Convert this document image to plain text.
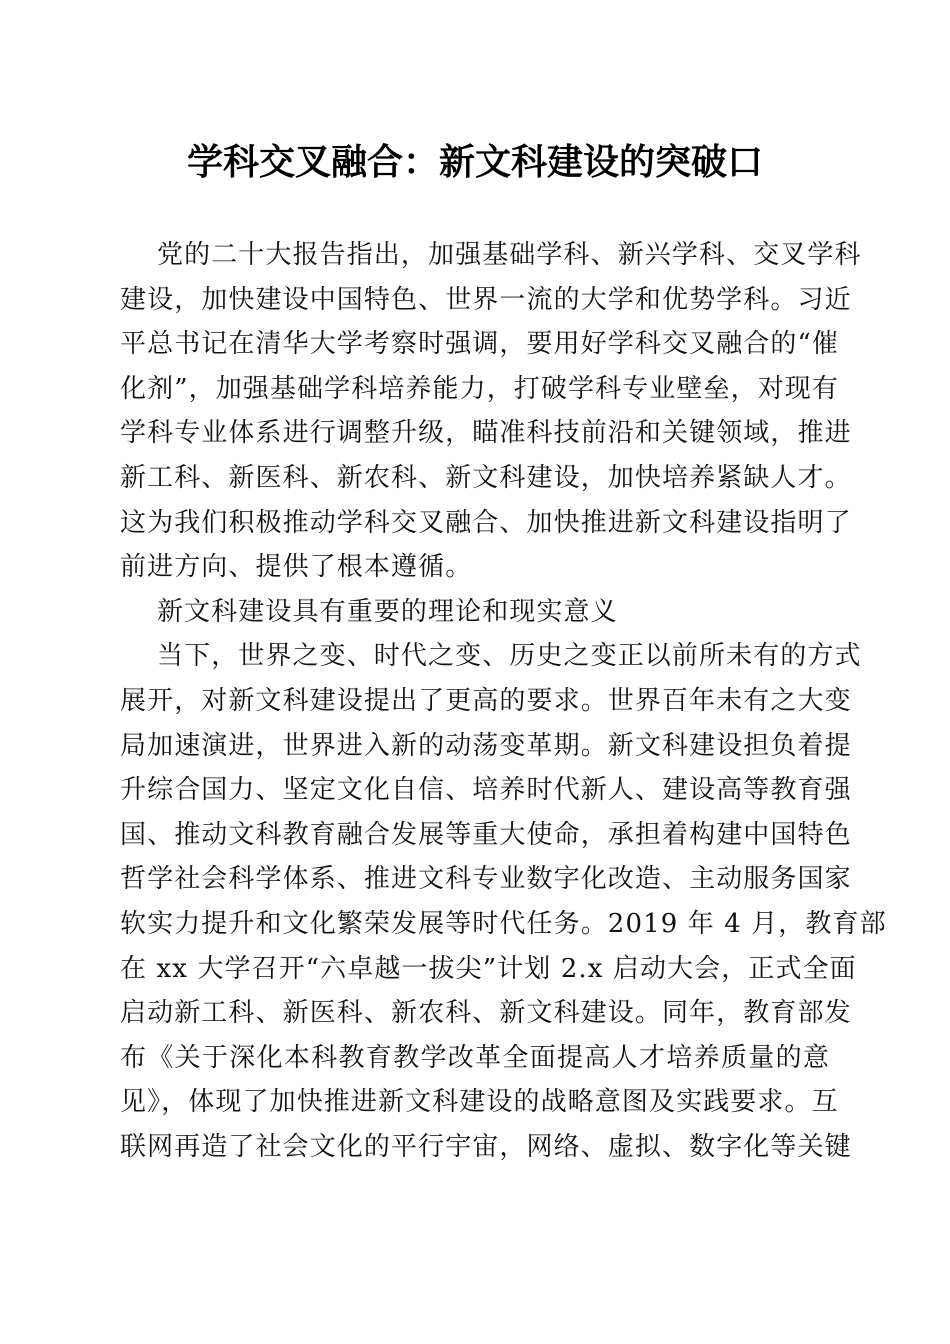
学科交叉融合：新文科建设的突破口
党的二十大报告指出，加强基础学科、新兴学科、交叉学科
建设，加快建设中国特色、世界一流的大学和优势学科。习近
平总书记在清华大学考察时强调，要用好学科交叉融合的“催
化剂”，加强基础学科培养能力，打破学科专业壁垒，对现有
学科专业体系进行调整升级，瞄准科技前沿和关键领域，推进
新工科、新医科、新农科、新文科建设，加快培养紧缺人才。
这为我们积极推动学科交叉融合、加快推进新文科建设指明了
前进方向、提供了根本遵循。
新文科建设具有重要的理论和现实意义
当下，世界之变、时代之变、历史之变正以前所未有的方式
展开，对新文科建设提出了更高的要求。世界百年未有之大变
局加速演进，世界进入新的动荡变革期。新文科建设担负着提
升综合国力、坚定文化自信、培养时代新人、建设高等教育强
国、推动文科教育融合发展等重大使命，承担着构建中国特色
哲学社会科学体系、推进文科专业数字化改造、主动服务国家
软实力提升和文化繁荣发展等时代任务。2019 年 4 月，教育部
在 xx 大学召开“六卓越一拔尖”计划 2.x 启动大会，正式全面
启动新工科、新医科、新农科、新文科建设。同年，教育部发
布《关于深化本科教育教学改革全面提高人才培养质量的意
见》，体现了加快推进新文科建设的战略意图及实践要求。互
联网再造了社会文化的平行宇宙，网络、虚拟、数字化等关键
